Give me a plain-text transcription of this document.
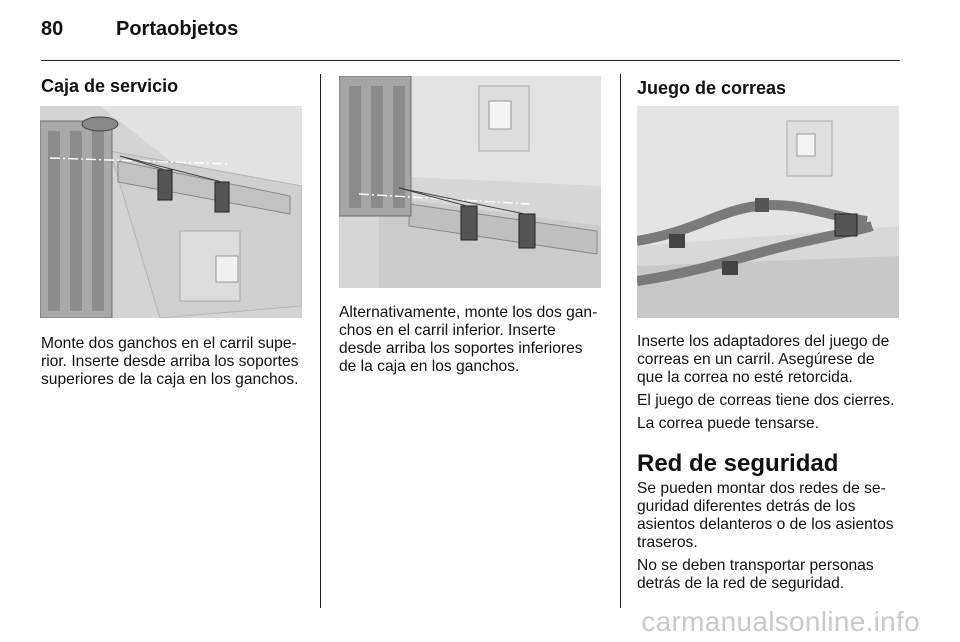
80	Portaobjetos
Caja de servicio

Monte dos ganchos en el carril supe-rior. Inserte desde arriba los soportes superiores de la caja en los ganchos.

Alternativamente, monte los dos gan-chos en el carril inferior. Inserte desde arriba los soportes inferiores de la caja en los ganchos.

Juego de correas

Inserte los adaptadores del juego de correas en un carril. Asegúrese de que la correa no esté retorcida.

El juego de correas tiene dos cierres.

La correa puede tensarse.

Red de seguridad

Se pueden montar dos redes de se-guridad diferentes detrás de los asientos delanteros o de los asientos traseros.

No se deben transportar personas detrás de la red de seguridad.

carmanualsonline.info
